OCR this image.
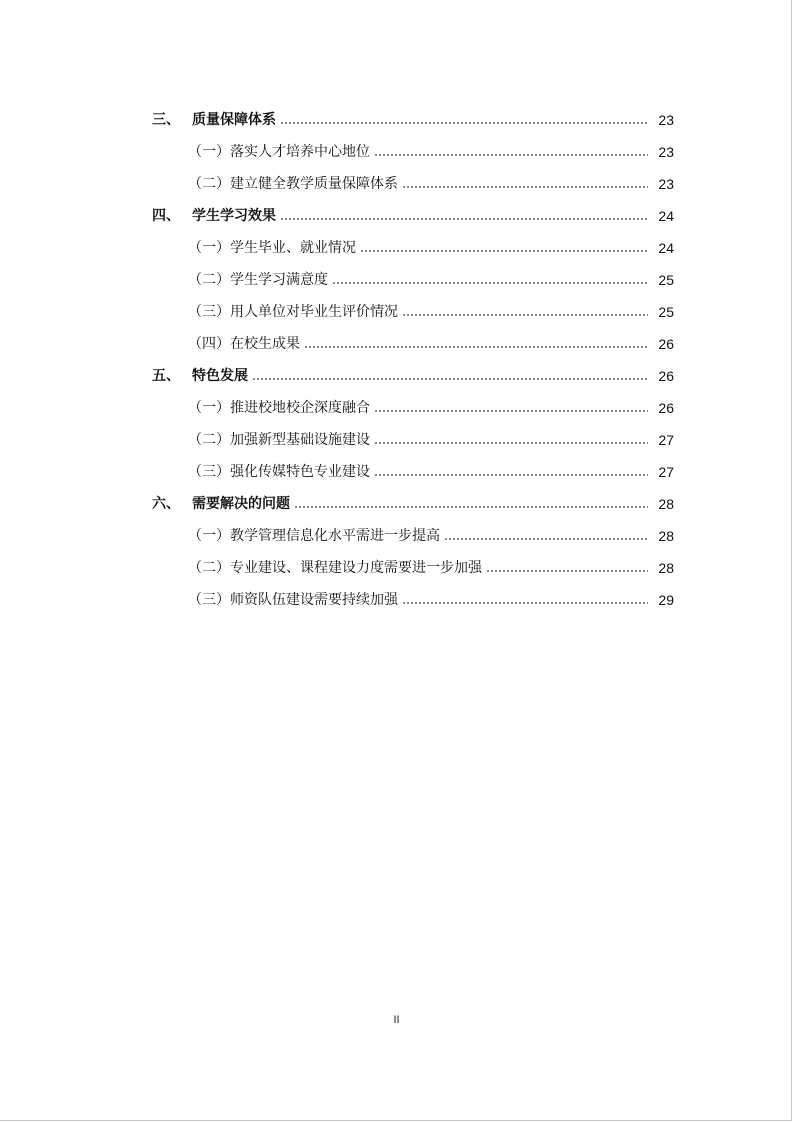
三、 质量保障体系	23
（一）落实人才培养中心地位	23
（二）建立健全教学质量保障体系	23
四、 学生学习效果	24
（一）学生毕业、就业情况	24
（二）学生学习满意度	25
（三）用人单位对毕业生评价情况	25
（四）在校生成果	26
五、 特色发展	26
（一）推进校地校企深度融合	26
（二）加强新型基础设施建设	27
（三）强化传媒特色专业建设	27
六、 需要解决的问题	28
（一）教学管理信息化水平需进一步提高	28
（二）专业建设、课程建设力度需要进一步加强	28
（三）师资队伍建设需要持续加强	29
II
